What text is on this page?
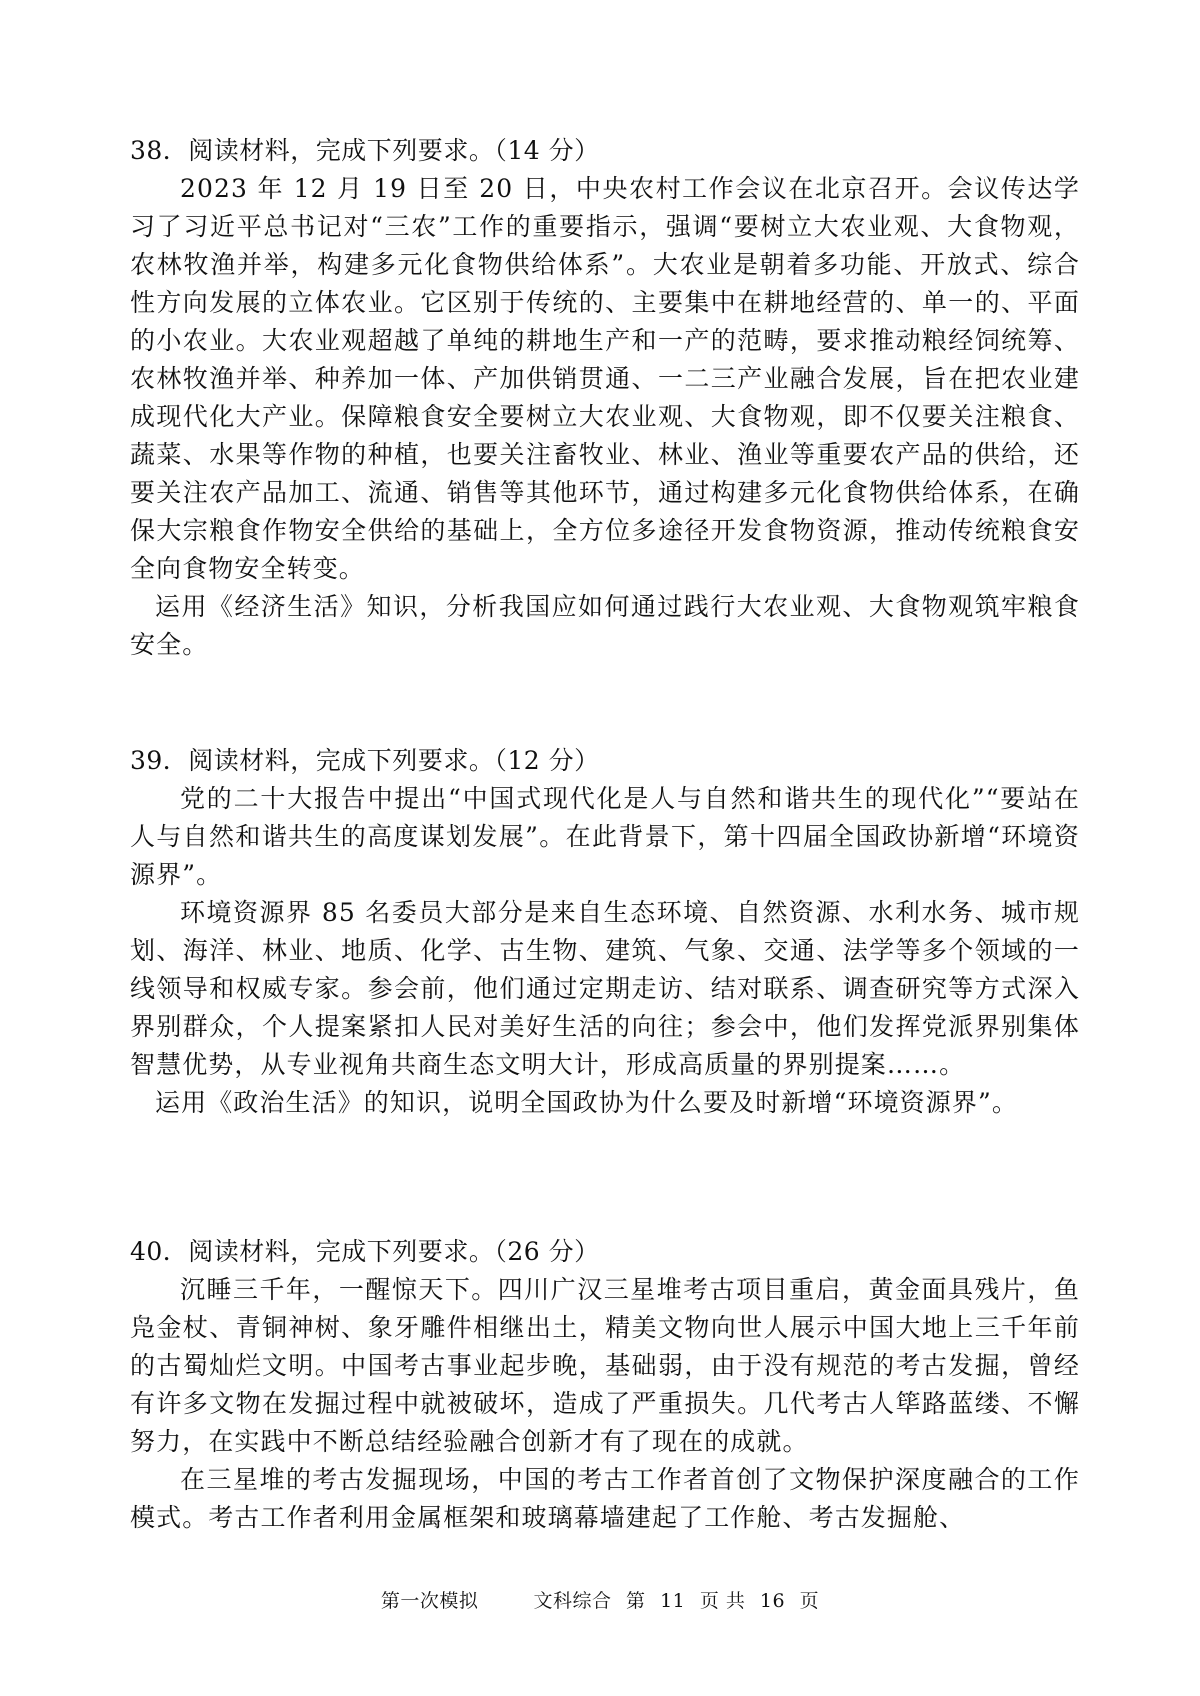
38．阅读材料，完成下列要求。（14 分）

2023 年 12 月 19 日至 20 日，中央农村工作会议在北京召开。会议传达学习了习近平总书记对“三农”工作的重要指示，强调“要树立大农业观、大食物观，农林牧渔并举，构建多元化食物供给体系”。大农业是朝着多功能、开放式、综合性方向发展的立体农业。它区别于传统的、主要集中在耕地经营的、单一的、平面的小农业。大农业观超越了单纯的耕地生产和一产的范畴，要求推动粮经饲统筹、农林牧渔并举、种养加一体、产加供销贯通、一二三产业融合发展，旨在把农业建成现代化大产业。保障粮食安全要树立大农业观、大食物观，即不仅要关注粮食、蔬菜、水果等作物的种植，也要关注畜牧业、林业、渔业等重要农产品的供给，还要关注农产品加工、流通、销售等其他环节，通过构建多元化食物供给体系，在确保大宗粮食作物安全供给的基础上，全方位多途径开发食物资源，推动传统粮食安全向食物安全转变。

运用《经济生活》知识，分析我国应如何通过践行大农业观、大食物观筑牢粮食安全。

39．阅读材料，完成下列要求。（12 分）

党的二十大报告中提出“中国式现代化是人与自然和谐共生的现代化”“要站在人与自然和谐共生的高度谋划发展”。在此背景下，第十四届全国政协新增“环境资源界”。

环境资源界 85 名委员大部分是来自生态环境、自然资源、水利水务、城市规划、海洋、林业、地质、化学、古生物、建筑、气象、交通、法学等多个领域的一线领导和权威专家。参会前，他们通过定期走访、结对联系、调查研究等方式深入界别群众，个人提案紧扣人民对美好生活的向往；参会中，他们发挥党派界别集体智慧优势，从专业视角共商生态文明大计，形成高质量的界别提案……。

运用《政治生活》的知识，说明全国政协为什么要及时新增“环境资源界”。

40．阅读材料，完成下列要求。（26 分）

沉睡三千年，一醒惊天下。四川广汉三星堆考古项目重启，黄金面具残片，鱼凫金杖、青铜神树、象牙雕件相继出土，精美文物向世人展示中国大地上三千年前的古蜀灿烂文明。中国考古事业起步晚，基础弱，由于没有规范的考古发掘，曾经有许多文物在发掘过程中就被破坏，造成了严重损失。几代考古人筚路蓝缕、不懈努力，在实践中不断总结经验融合创新才有了现在的成就。

在三星堆的考古发掘现场，中国的考古工作者首创了文物保护深度融合的工作模式。考古工作者利用金属框架和玻璃幕墙建起了工作舱、考古发掘舱、

第一次模拟	文科综合 第 11 页 共 16 页
